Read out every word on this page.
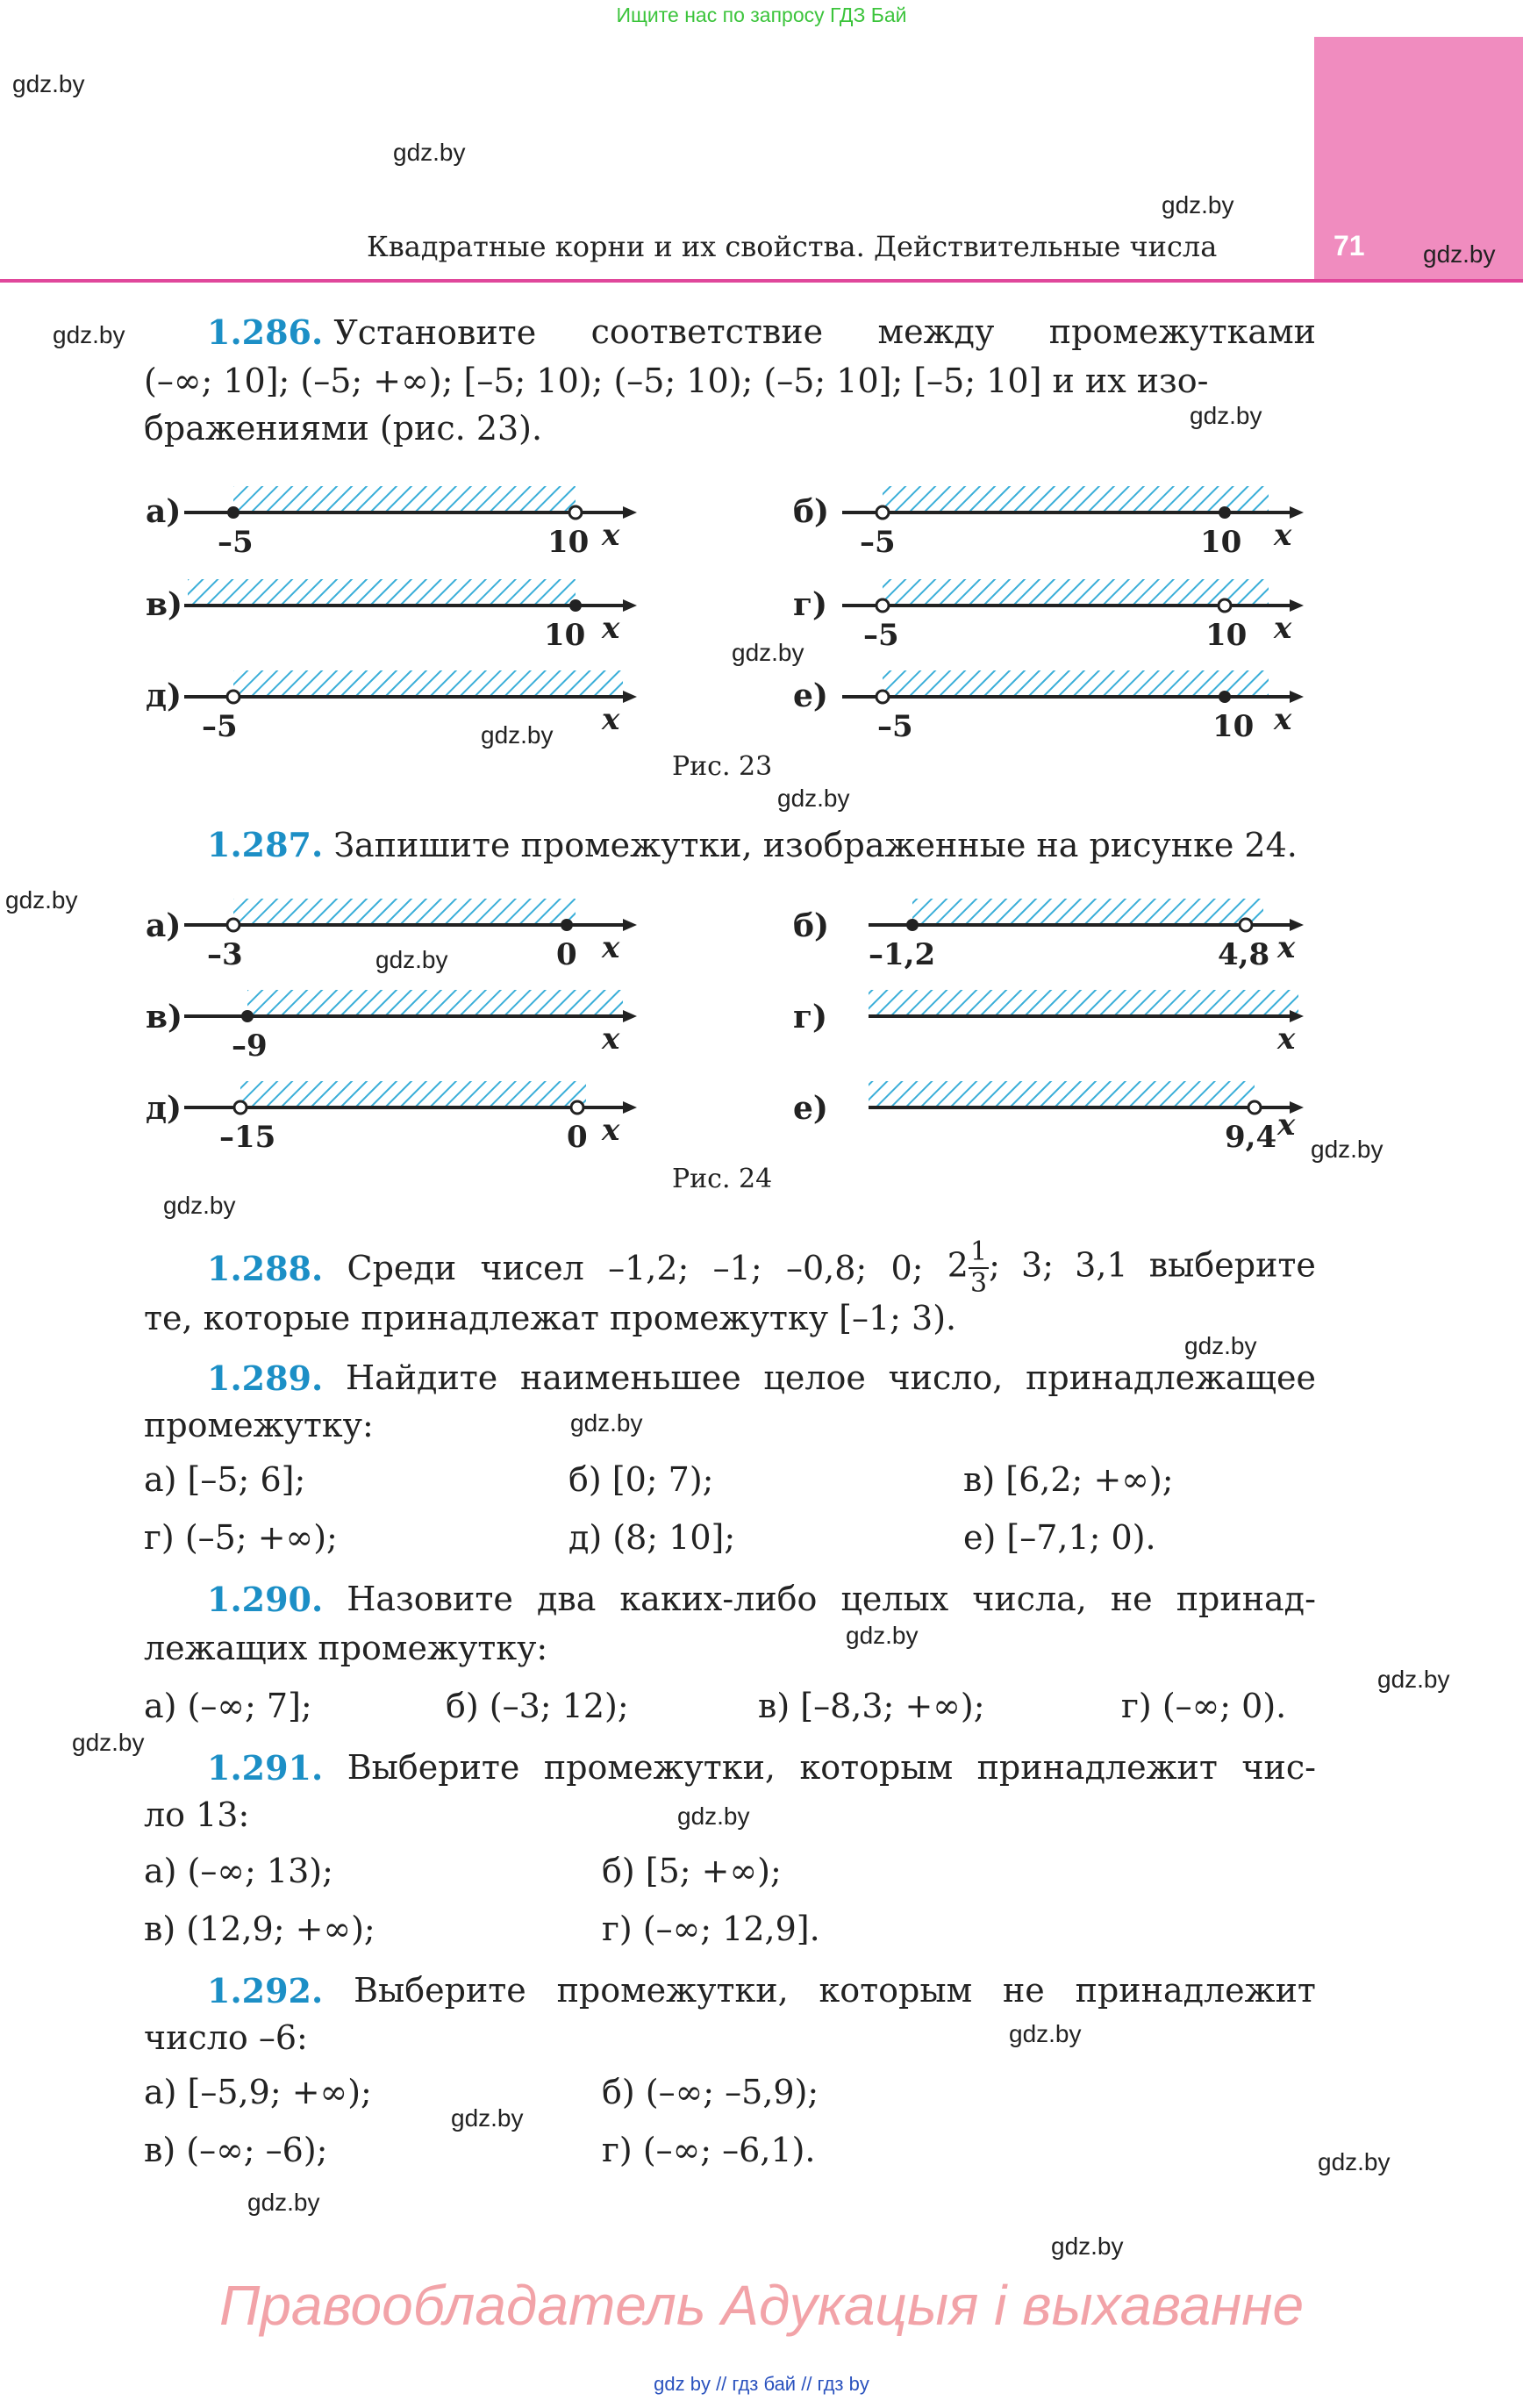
Ищите нас по запросу ГДЗ Бай
71
Квадратные корни и их свойства. Действительные числа
gdz.by
gdz.by
gdz.by
gdz.by
gdz.by
gdz.by
gdz.by
gdz.by
gdz.by
gdz.by
gdz.by
gdz.by
gdz.by
gdz.by
gdz.by
gdz.by
gdz.by
gdz.by
gdz.by
gdz.by
gdz.by
gdz.by
gdz.by
gdz.by
1.286. Установите соответствие между промежутками
(–∞; 10]; (–5; +∞); [–5; 10); (–5; 10); (–5; 10]; [–5; 10] и их изо-
бражениями (рис. 23).
а)
–5	10 x
б)
–5	10 x
в)
10 x
г)
–5	10 x
д)
–5	x
е)
–5	10 x
Рис. 23
1.287. Запишите промежутки, изображенные на рисунке 24.
а)
–3	0 x
б)
–1,2	4,8 x
в)
–9	x
г)
x
д)
–15	0 x
е)
9,4 x
Рис. 24
1.288. Среди чисел –1,2; –1; –0,8; 0; $2 \frac{1}{3}$ ;  3;  3,1  выберите
те, которые принадлежат промежутку [–1; 3).
1.289. Найдите наименьшее целое число, принадлежащее
промежутку:
а) [–5; 6];	б) [0; 7);	в) [6,2; +∞);
г) (–5; +∞);	д) (8; 10];	е) [–7,1; 0).
1.290. Назовите два каких-либо целых числа, не принад-
лежащих промежутку:
а) (–∞; 7];	б) (–3; 12);	в) [–8,3; +∞);	г) (–∞; 0).
1.291. Выберите промежутки, которым принадлежит чис-
ло 13:
а) (–∞; 13);	б) [5; +∞);
в) (12,9; +∞);	г) (–∞; 12,9].
1.292. Выберите промежутки, которым не принадлежит
число –6:
а) [–5,9; +∞);	б) (–∞; –5,9);
в) (–∞; –6);	г) (–∞; –6,1).
Правообладатель Адукацыя і выхаванне
gdz by // гдз бай // гдз by
